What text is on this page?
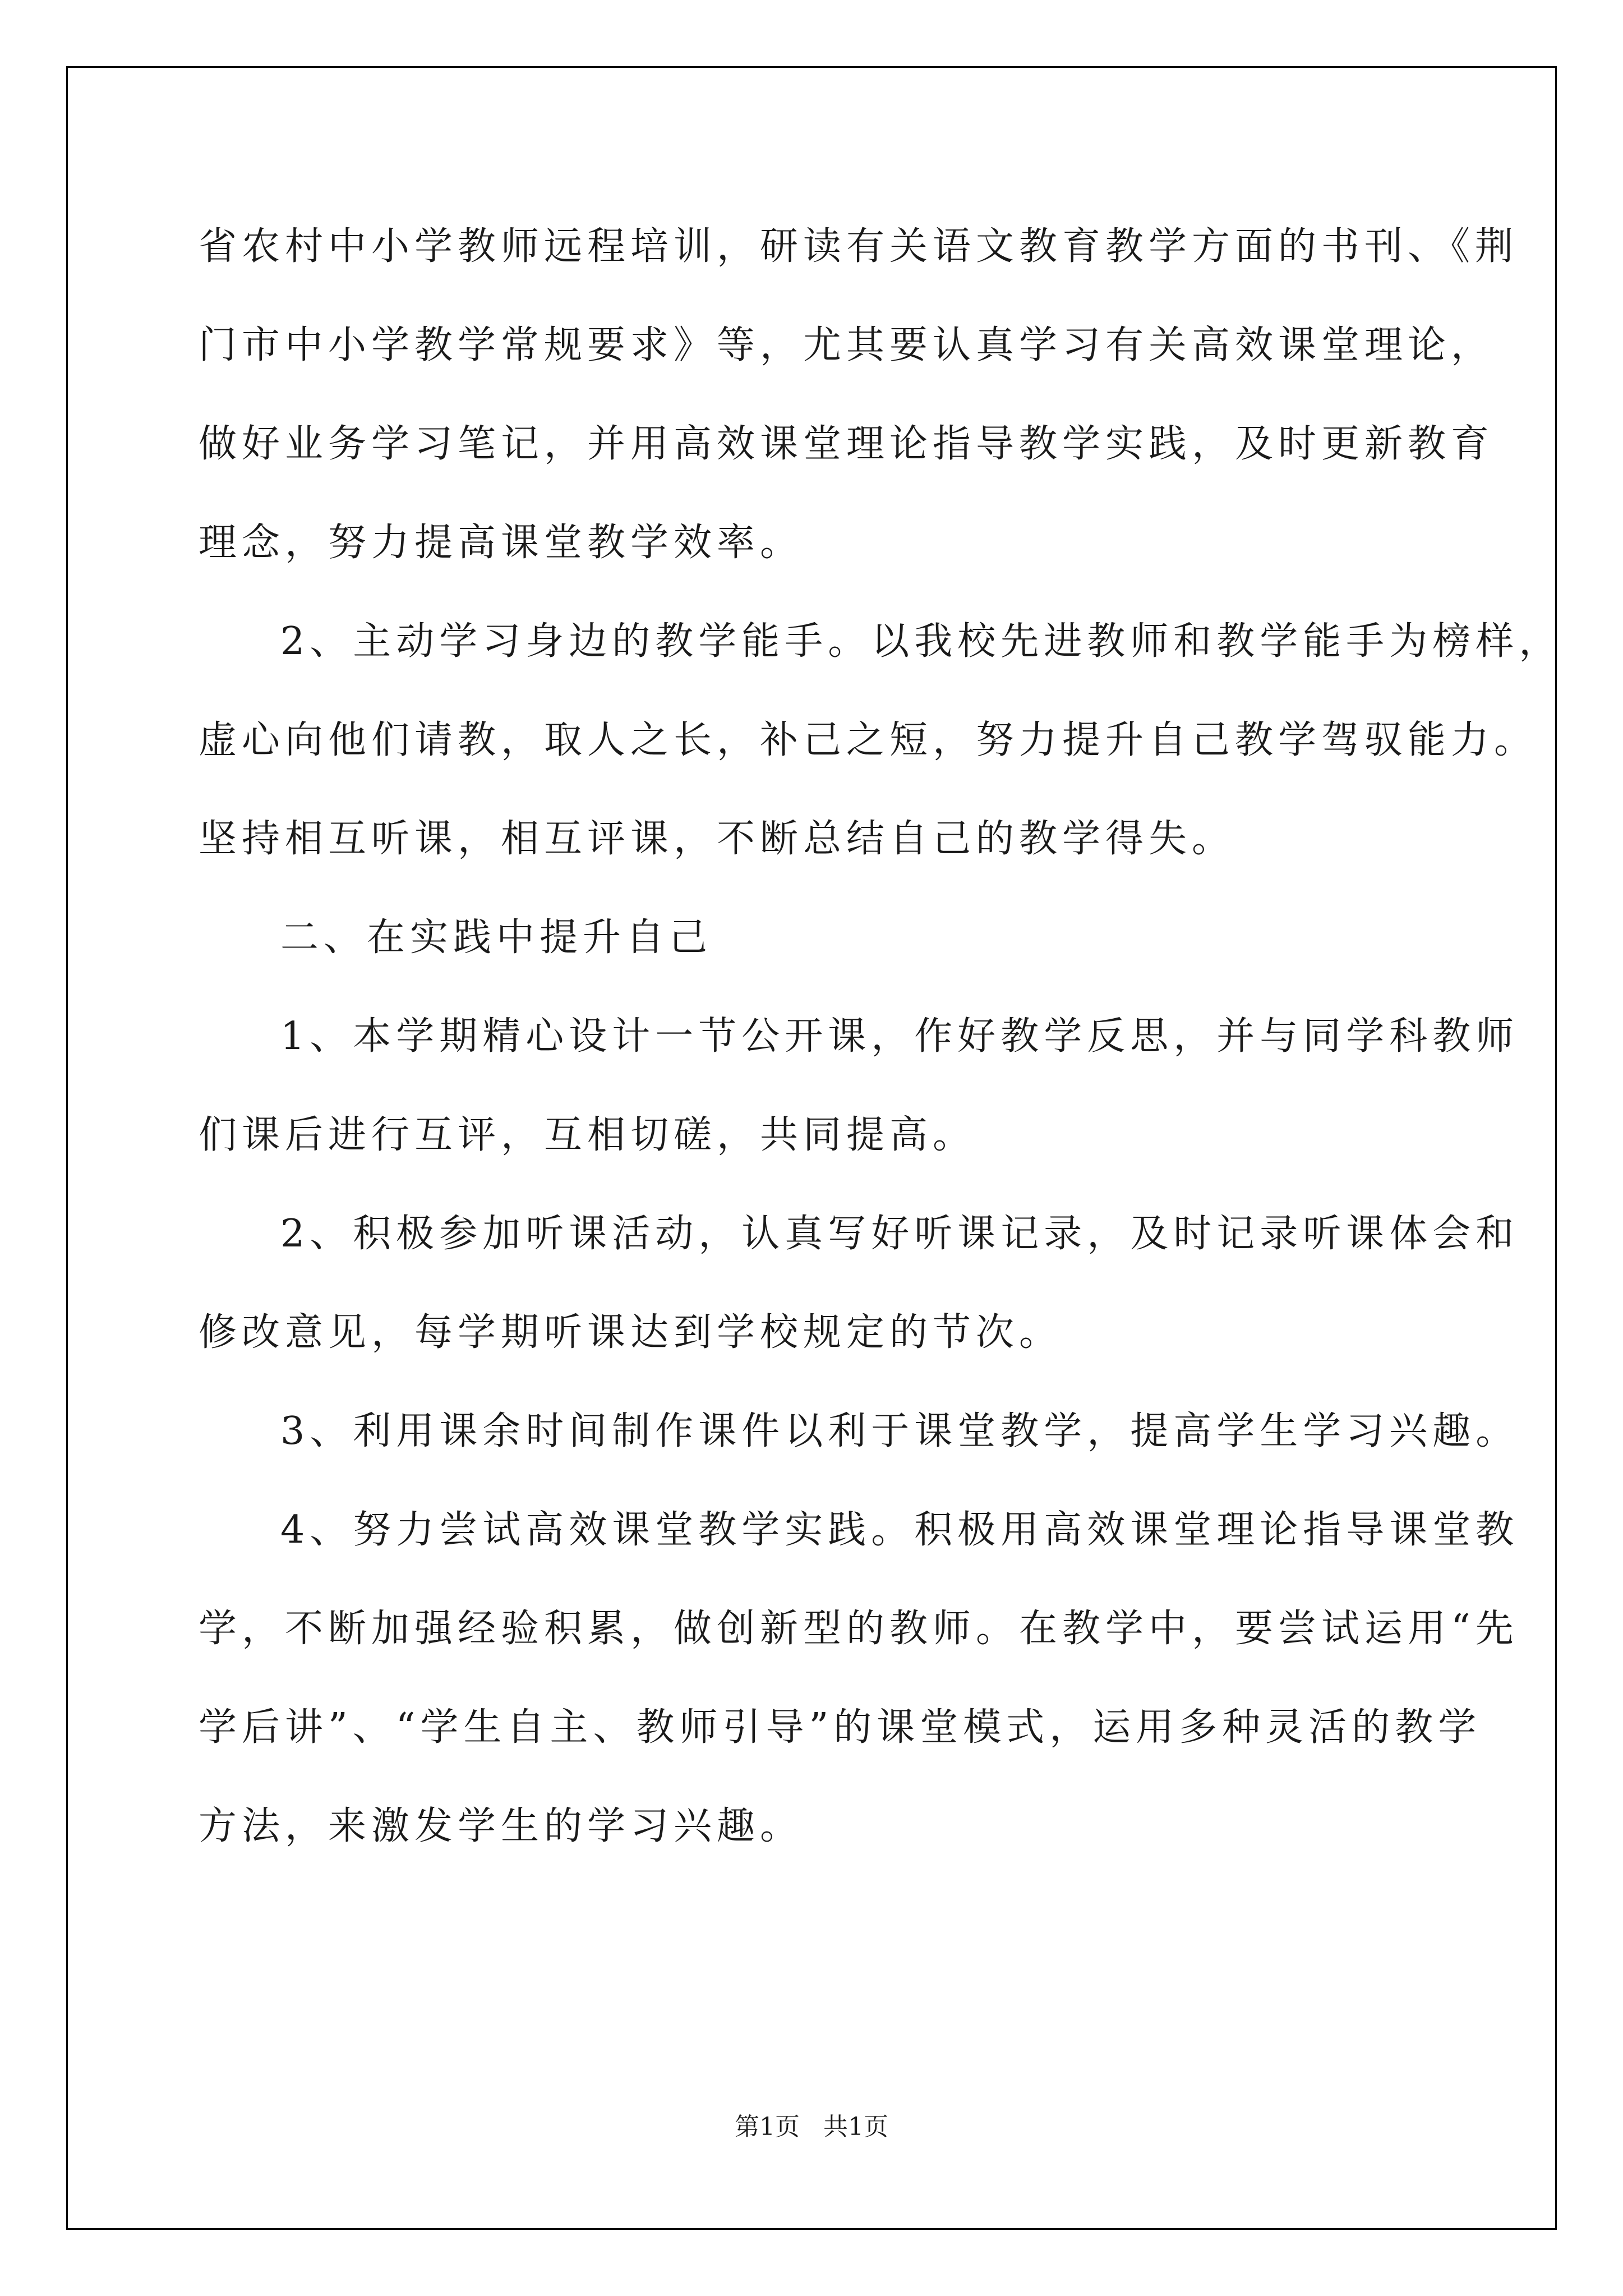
省农村中小学教师远程培训，研读有关语文教育教学方面的书刊、《荆
门市中小学教学常规要求》等，尤其要认真学习有关高效课堂理论，
做好业务学习笔记，并用高效课堂理论指导教学实践，及时更新教育
理念，努力提高课堂教学效率。
2、主动学习身边的教学能手。以我校先进教师和教学能手为榜样，
虚心向他们请教，取人之长，补己之短，努力提升自己教学驾驭能力。
坚持相互听课，相互评课，不断总结自己的教学得失。
二、在实践中提升自己
1、本学期精心设计一节公开课，作好教学反思，并与同学科教师
们课后进行互评，互相切磋，共同提高。
2、积极参加听课活动，认真写好听课记录，及时记录听课体会和
修改意见，每学期听课达到学校规定的节次。
3、利用课余时间制作课件以利于课堂教学，提高学生学习兴趣。
4、努力尝试高效课堂教学实践。积极用高效课堂理论指导课堂教
学，不断加强经验积累，做创新型的教师。在教学中，要尝试运用“先
学后讲”、“学生自主、教师引导”的课堂模式，运用多种灵活的教学
方法，来激发学生的学习兴趣。
第1页   共1页
